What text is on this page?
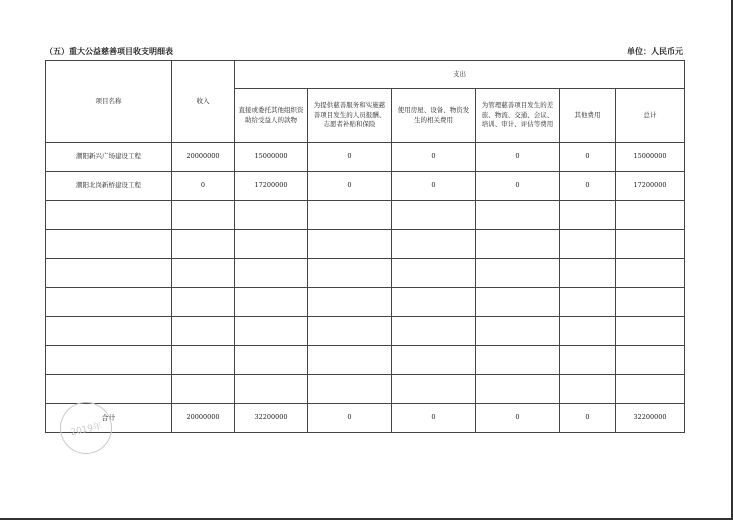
（五）重大公益慈善项目收支明细表	单位：人民币元
项目名称	收入	支出					
		直接或委托其他组织资助给受益人的款物	为提供慈善服务和实施慈善项目发生的人员报酬、志愿者补贴和保险	使用房屋、设备、物资发生的相关费用	为管理慈善项目发生的差旅、物流、交通、会议、培训、审计、评估等费用	其他费用	总计
潮阳新兴广场建设工程	20000000	15000000	0	0	0	0	15000000
潮阳北岗新桥建设工程	0	17200000	0	0	0	0	17200000

合计	20000000	32200000	0	0	0	0	32200000
2019年
